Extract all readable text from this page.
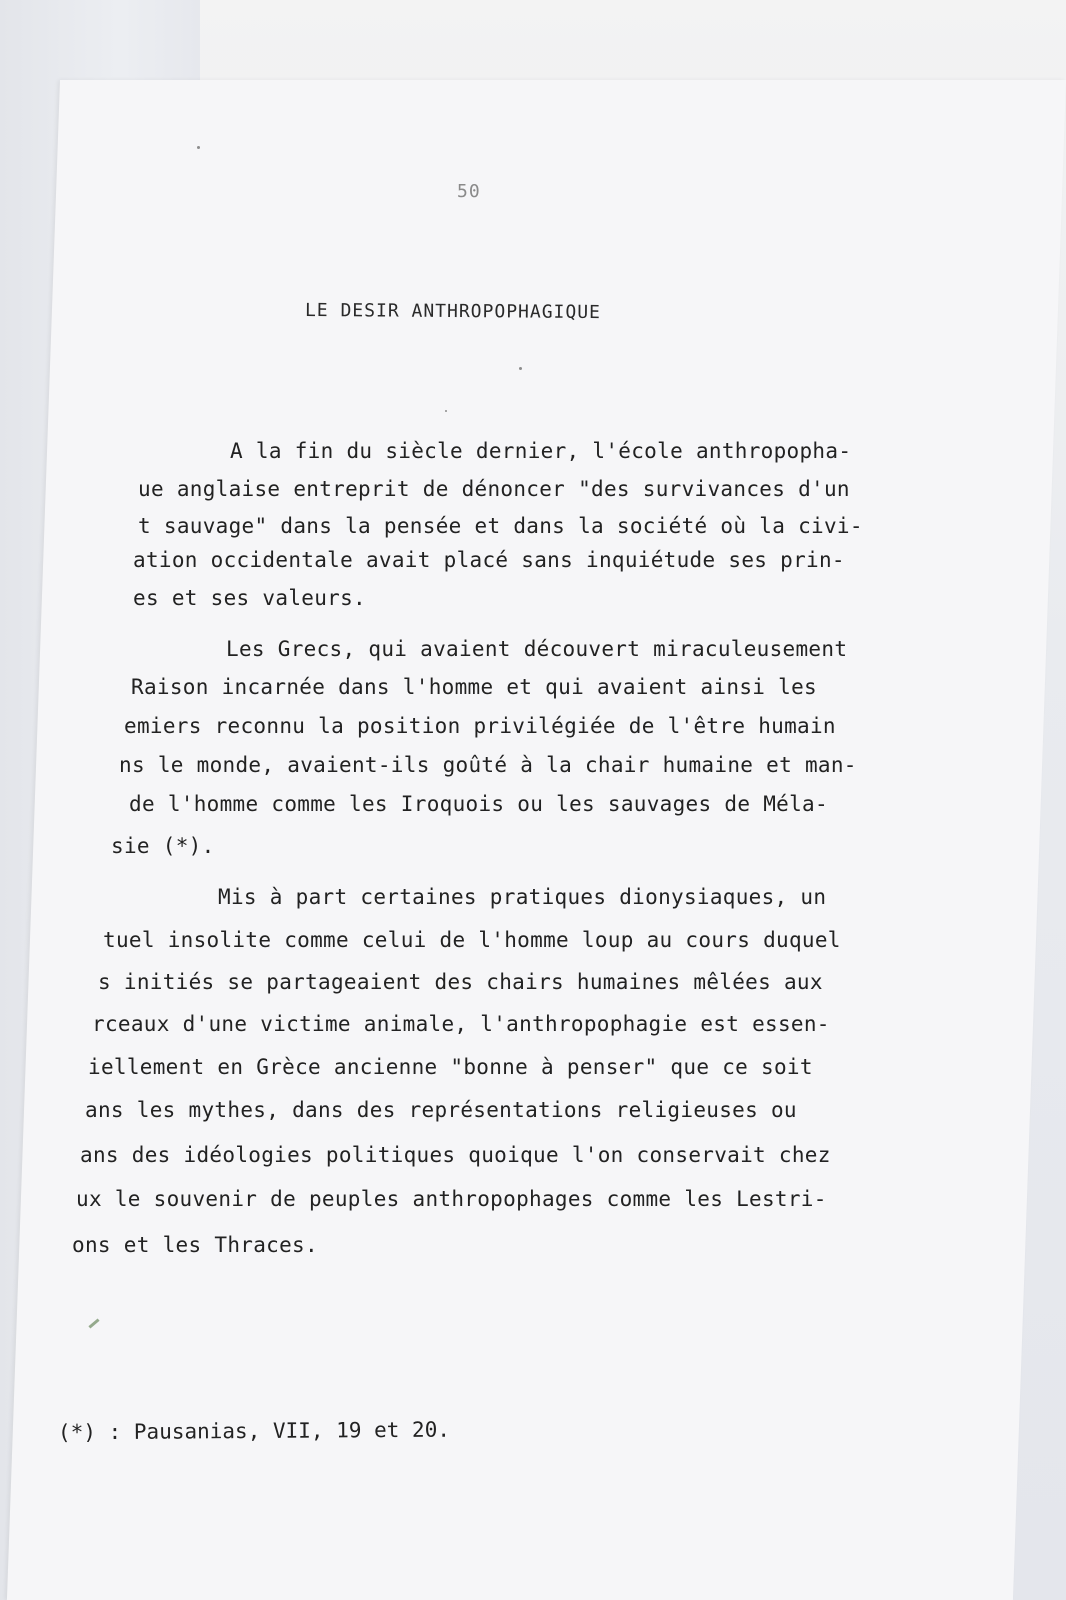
50
LE DESIR ANTHROPOPHAGIQUE
A la fin du siècle dernier, l'école anthropopha-
ue anglaise entreprit de dénoncer "des survivances d'un
t sauvage" dans la pensée et dans la société où la civi-
ation occidentale avait placé sans inquiétude ses prin-
es et ses valeurs.
Les Grecs, qui avaient découvert miraculeusement
Raison incarnée dans l'homme et qui avaient ainsi les
emiers reconnu la position privilégiée de l'être humain
ns le monde, avaient-ils goûté à la chair humaine et man-
de l'homme comme les Iroquois ou les sauvages de Méla-
sie (*).
Mis à part certaines pratiques dionysiaques, un
tuel insolite comme celui de l'homme loup au cours duquel
s initiés se partageaient des chairs humaines mêlées aux
rceaux d'une victime animale, l'anthropophagie est essen-
iellement en Grèce ancienne "bonne à penser" que ce soit
ans les mythes, dans des représentations religieuses ou
ans des idéologies politiques quoique l'on conservait chez
ux le souvenir de peuples anthropophages comme les Lestri-
ons et les Thraces.
(*) : Pausanias, VII, 19 et 20.
